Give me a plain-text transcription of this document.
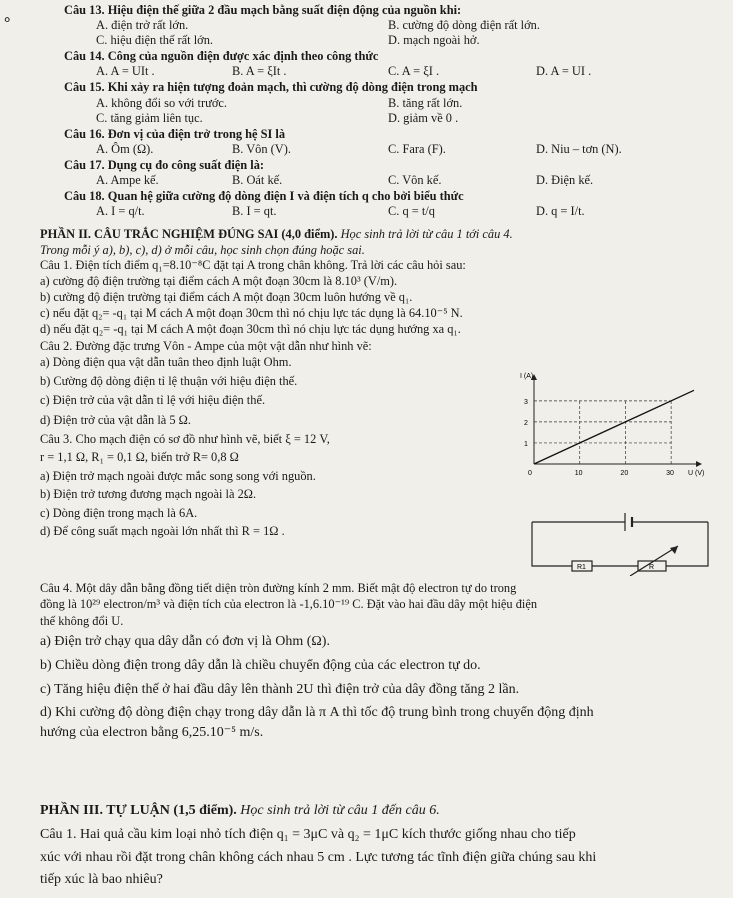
°
Câu 13. Hiệu điện thế giữa 2 đầu mạch bằng suất điện động của nguồn khi:
A. điện trở rất lớn.	B. cường độ dòng điện rất lớn.
C. hiệu điện thế rất lớn.	D. mạch ngoài hở.
Câu 14. Công của nguồn điện được xác định theo công thức
A. A = UIt .	B. A = ξIt .	C. A = ξI .	D. A = UI .
Câu 15. Khi xảy ra hiện tượng đoản mạch, thì cường độ dòng điện trong mạch
A. không đổi so với trước.	B. tăng rất lớn.
C. tăng giảm liên tục.	D. giảm về 0 .
Câu 16. Đơn vị của điện trở trong hệ SI là
A. Ôm (Ω).	B. Vôn (V).	C. Fara (F).	D. Niu – tơn (N).
Câu 17. Dụng cụ đo công suất điện là:
A. Ampe kế.	B. Oát kế.	C. Vôn kế.	D. Điện kế.
Câu 18. Quan hệ giữa cường độ dòng điện I và điện tích q cho bởi biểu thức
A. I = q/t.	B. I = qt.	C. q = t/q	D. q = I/t.
PHẦN II. CÂU TRẮC NGHIỆM ĐÚNG SAI (4,0 điểm). Học sinh trả lời từ câu 1 tới câu 4.
Trong mỗi ý a), b), c), d) ở mỗi câu, học sinh chọn đúng hoặc sai.
Câu 1. Điện tích điểm q₁=8.10⁻⁸C đặt tại A trong chân không. Trả lời các câu hỏi sau:
a) cường độ điện trường tại điểm cách A một đoạn 30cm là 8.10³ (V/m).
b) cường độ điện trường tại điểm cách A một đoạn 30cm luôn hướng về q₁.
c) nếu đặt q₂= -q₁ tại M cách A một đoạn 30cm thì nó chịu lực tác dụng là 64.10⁻⁵ N.
d) nếu đặt q₂= -q₁ tại M cách A một đoạn 30cm thì nó chịu lực tác dụng hướng xa q₁.
Câu 2. Đường đặc trưng Vôn - Ampe của một vật dẫn như hình vẽ:
a) Dòng điện qua vật dẫn tuân theo định luật Ohm.
b) Cường độ dòng điện tỉ lệ thuận với hiệu điện thế.
c) Điện trở của vật dẫn tỉ lệ với hiệu điện thế.
d) Điện trở của vật dẫn là 5 Ω.
1
2
3
0	10	20	30
I (A)
U (V)
Câu 3. Cho mạch điện có sơ đồ như hình vẽ, biết ξ = 12 V,
r = 1,1 Ω, R₁ = 0,1 Ω, biến trở R= 0,8 Ω
a) Điện trở mạch ngoài được mắc song song với nguồn.
b) Điện trở tương đương mạch ngoài là 2Ω.
c) Dòng điện trong mạch là 6A.
d) Để công suất mạch ngoài lớn nhất thì R = 1Ω .
R1	R
Câu 4. Một dây dẫn bằng đồng tiết diện tròn đường kính 2 mm. Biết mật độ electron tự do trong
đồng là 10²⁹ electron/m³ và điện tích của electron là -1,6.10⁻¹⁹ C. Đặt vào hai đầu dây một hiệu điện
thế không đổi U.
a) Điện trở chạy qua dây dẫn có đơn vị là Ohm (Ω).
b) Chiều dòng điện trong dây dẫn là chiều chuyển động của các electron tự do.
c) Tăng hiệu điện thế ở hai đầu dây lên thành 2U thì điện trở của dây đồng tăng 2 lần.
d) Khi cường độ dòng điện chạy trong dây dẫn là π A thì tốc độ trung bình trong chuyển động định
hướng của electron bằng 6,25.10⁻⁵ m/s.
PHẦN III. TỰ LUẬN (1,5 điểm). Học sinh trả lời từ câu 1 đến câu 6.
Câu 1. Hai quả cầu kim loại nhỏ tích điện q₁ = 3μC và q₂ = 1μC kích thước giống nhau cho tiếp
xúc với nhau rồi đặt trong chân không cách nhau 5 cm . Lực tương tác tĩnh điện giữa chúng sau khi
tiếp xúc là bao nhiêu?
